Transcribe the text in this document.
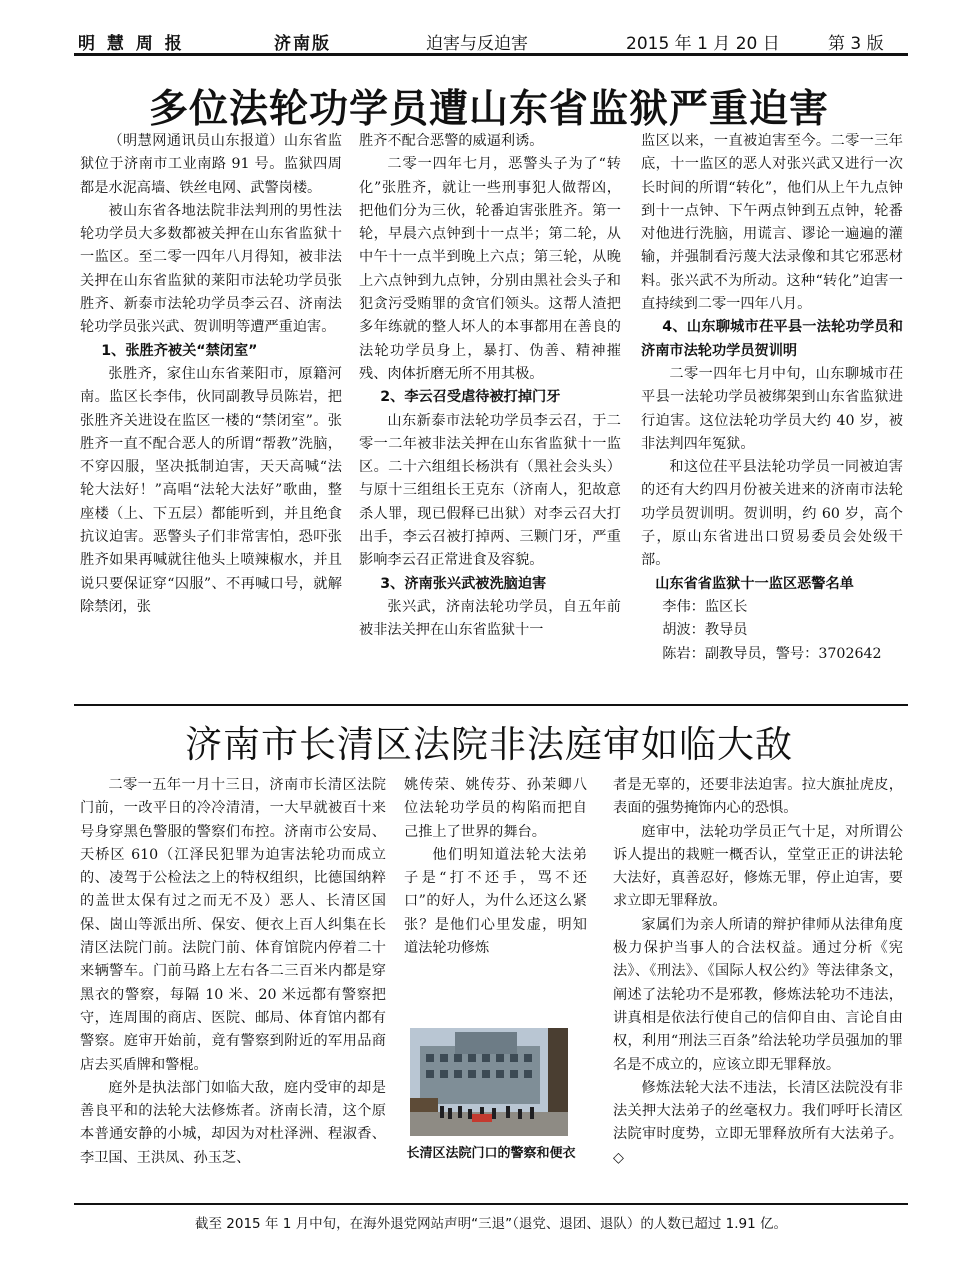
明 慧 周 报	济南版	迫害与反迫害	2015 年 1 月 20 日	第 3 版
多位法轮功学员遭山东省监狱严重迫害

（明慧网通讯员山东报道）山东省监狱位于济南市工业南路 91 号。监狱四周都是水泥高墙、铁丝电网、武警岗楼。

被山东省各地法院非法判刑的男性法轮功学员大多数都被关押在山东省监狱十一监区。至二零一四年八月得知，被非法关押在山东省监狱的莱阳市法轮功学员张胜齐、新泰市法轮功学员李云召、济南法轮功学员张兴武、贺训明等遭严重迫害。

1、张胜齐被关“禁闭室”

张胜齐，家住山东省莱阳市，原籍河南。监区长李伟，伙同副教导员陈岩，把张胜齐关进设在监区一楼的“禁闭室”。张胜齐一直不配合恶人的所谓“帮教”洗脑，不穿囚服，坚决抵制迫害，天天高喊“法轮大法好！”高唱“法轮大法好”歌曲，整座楼（上、下五层）都能听到，并且绝食抗议迫害。恶警头子们非常害怕，恐吓张胜齐如果再喊就往他头上喷辣椒水，并且说只要保证穿“囚服”、不再喊口号，就解除禁闭，张

胜齐不配合恶警的威逼利诱。

二零一四年七月，恶警头子为了“转化”张胜齐，就让一些刑事犯人做帮凶，把他们分为三伙，轮番迫害张胜齐。第一轮，早晨六点钟到十一点半；第二轮，从中午十一点半到晚上六点；第三轮，从晚上六点钟到九点钟，分别由黑社会头子和犯贪污受贿罪的贪官们领头。这帮人渣把多年练就的整人坏人的本事都用在善良的法轮功学员身上，暴打、伪善、精神摧残、肉体折磨无所不用其极。

2、李云召受虐待被打掉门牙

山东新泰市法轮功学员李云召，于二零一二年被非法关押在山东省监狱十一监区。二十六组组长杨洪有（黑社会头头）与原十三组组长王克东（济南人，犯故意杀人罪，现已假释已出狱）对李云召大打出手，李云召被打掉两、三颗门牙，严重影响李云召正常进食及容貌。

3、济南张兴武被洗脑迫害

张兴武，济南法轮功学员，自五年前被非法关押在山东省监狱十一

监区以来，一直被迫害至今。二零一三年底，十一监区的恶人对张兴武又进行一次长时间的所谓“转化”，他们从上午九点钟到十一点钟、下午两点钟到五点钟，轮番对他进行洗脑，用谎言、谬论一遍遍的灌输，并强制看污蔑大法录像和其它邪恶材料。张兴武不为所动。这种“转化”迫害一直持续到二零一四年八月。

4、山东聊城市茌平县一法轮功学员和济南市法轮功学员贺训明

二零一四年七月中旬，山东聊城市茌平县一法轮功学员被绑架到山东省监狱进行迫害。这位法轮功学员大约 40 岁，被非法判四年冤狱。

和这位茌平县法轮功学员一同被迫害的还有大约四月份被关进来的济南市法轮功学员贺训明。贺训明，约 60 岁，高个子，原山东省进出口贸易委员会处级干部。

山东省省监狱十一监区恶警名单

李伟：监区长

胡波：教导员

陈岩：副教导员，警号：3702642

济南市长清区法院非法庭审如临大敌

二零一五年一月十三日，济南市长清区法院门前，一改平日的冷冷清清，一大早就被百十来号身穿黑色警服的警察们布控。济南市公安局、天桥区 610（江泽民犯罪为迫害法轮功而成立的、凌驾于公检法之上的特权组织，比德国纳粹的盖世太保有过之而无不及）恶人、长清区国保、崮山等派出所、保安、便衣上百人纠集在长清区法院门前。法院门前、体育馆院内停着二十来辆警车。门前马路上左右各二三百米内都是穿黑衣的警察，每隔 10 米、20 米远都有警察把守，连周围的商店、医院、邮局、体育馆内都有警察。庭审开始前，竟有警察到附近的军用品商店去买盾牌和警棍。

庭外是执法部门如临大敌，庭内受审的却是善良平和的法轮大法修炼者。济南长清，这个原本普通安静的小城，却因为对杜泽洲、程淑香、李卫国、王洪凤、孙玉芝、

姚传荣、姚传芬、孙茉卿八位法轮功学员的构陷而把自己推上了世界的舞台。

他们明知道法轮大法弟子是“打不还手，骂不还口”的好人，为什么还这么紧张？是他们心里发虚，明知道法轮功修炼

者是无辜的，还要非法迫害。拉大旗扯虎皮，表面的强势掩饰内心的恐惧。

庭审中，法轮功学员正气十足，对所谓公诉人提出的栽赃一概否认，堂堂正正的讲法轮大法好，真善忍好，修炼无罪，停止迫害，要求立即无罪释放。

家属们为亲人所请的辩护律师从法律角度极力保护当事人的合法权益。通过分析《宪法》、《刑法》、《国际人权公约》等法律条文，阐述了法轮功不是邪教，修炼法轮功不违法，讲真相是依法行使自己的信仰自由、言论自由权，利用“刑法三百条”给法轮功学员强加的罪名是不成立的，应该立即无罪释放。

修炼法轮大法不违法，长清区法院没有非法关押大法弟子的丝毫权力。我们呼吁长清区法院审时度势，立即无罪释放所有大法弟子。◇

长清区法院门口的警察和便衣
截至 2015 年 1 月中旬，在海外退党网站声明“三退”（退党、退团、退队）的人数已超过 1.91 亿。
